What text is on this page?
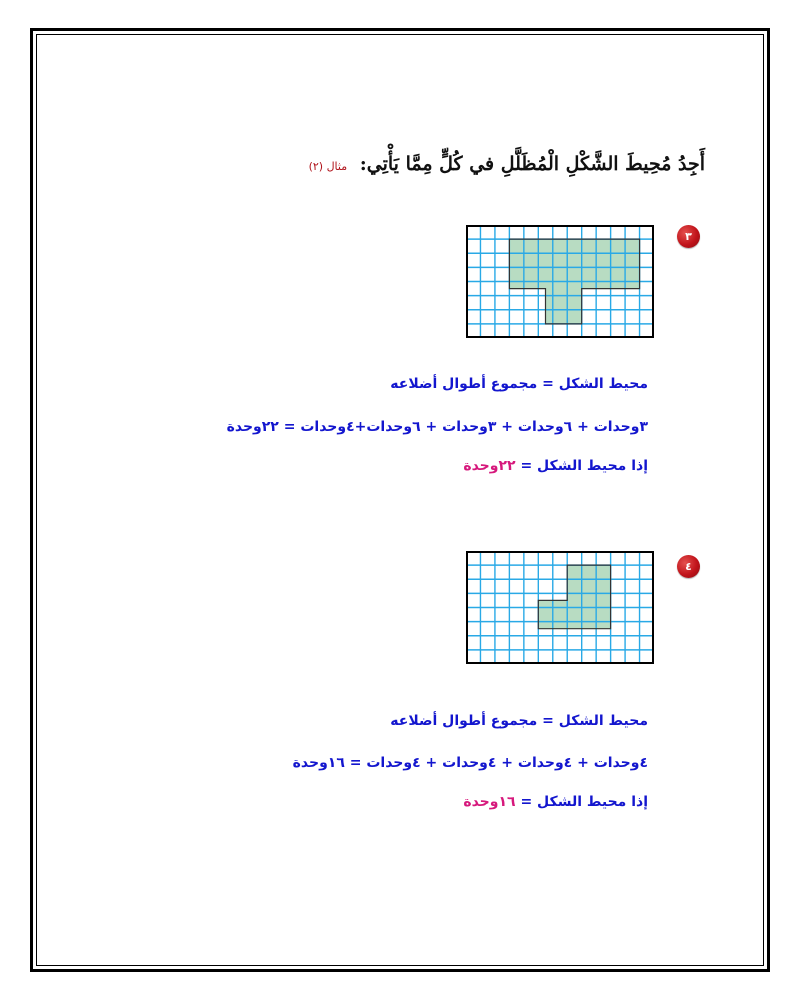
أَجِدُ مُحِيطَ الشَّكْلِ الْمُظَلَّلِ في كُلٍّ مِمَّا يَأْتِي: مثال (٢)
٣
محيط الشكل = مجموع أطوال أضلاعه
٣وحدات + ٦وحدات + ٣وحدات + ٦وحدات+٤وحدات = ٢٢وحدة
إذا محيط الشكل = ٢٢وحدة
٤
محيط الشكل = مجموع أطوال أضلاعه
٤وحدات + ٤وحدات + ٤وحدات + ٤وحدات = ١٦وحدة
إذا محيط الشكل = ١٦وحدة
